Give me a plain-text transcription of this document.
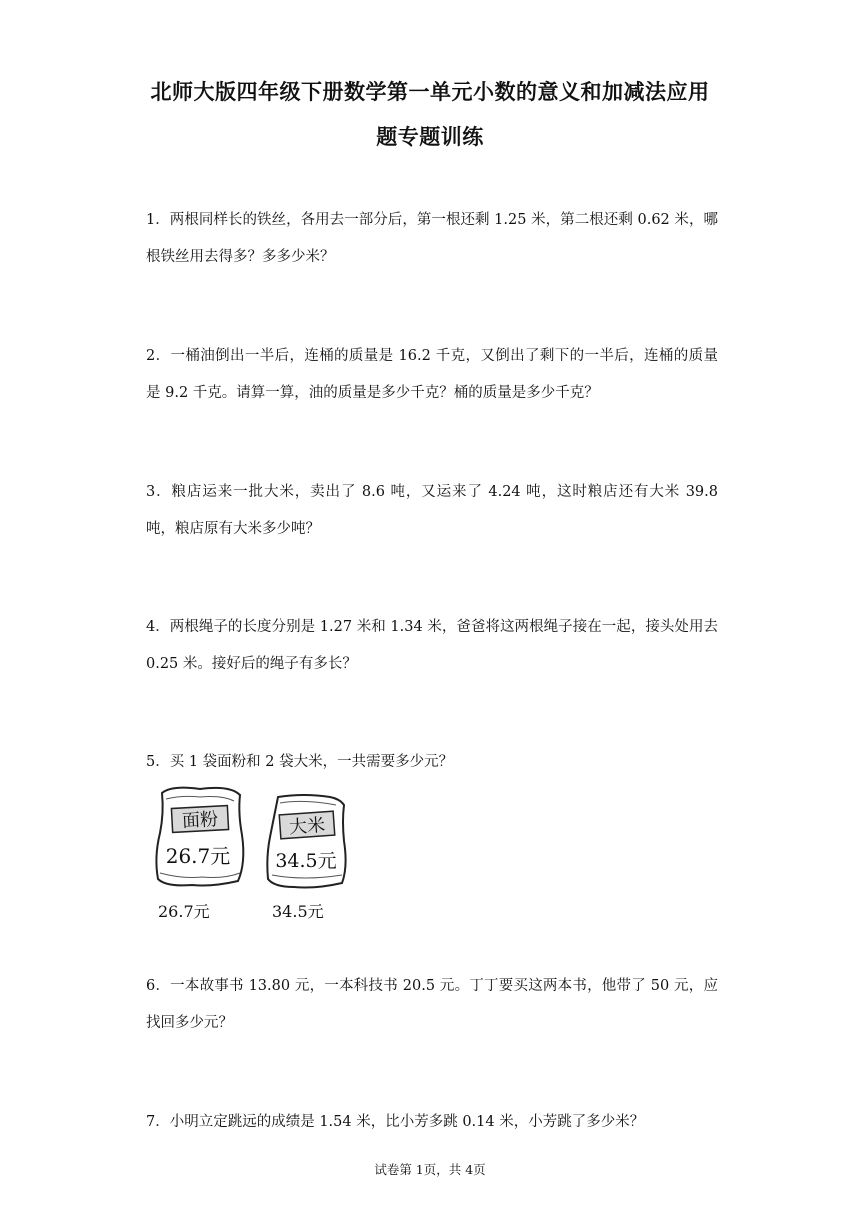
北师大版四年级下册数学第一单元小数的意义和加减法应用
题专题训练

1．两根同样长的铁丝，各用去一部分后，第一根还剩 1.25 米，第二根还剩 0.62 米，哪根铁丝用去得多？多多少米？

2．一桶油倒出一半后，连桶的质量是 16.2 千克，又倒出了剩下的一半后，连桶的质量是 9.2 千克。请算一算，油的质量是多少千克？桶的质量是多少千克？

3．粮店运来一批大米，卖出了 8.6 吨，又运来了 4.24 吨，这时粮店还有大米 39.8 吨，粮店原有大米多少吨？

4．两根绳子的长度分别是 1.27 米和 1.34 米，爸爸将这两根绳子接在一起，接头处用去 0.25 米。接好后的绳子有多长？

5．买 1 袋面粉和 2 袋大米，一共需要多少元？

面粉
26.7元
26.7元
大米
34.5元
34.5元

6．一本故事书 13.80 元，一本科技书 20.5 元。丁丁要买这两本书，他带了 50 元，应找回多少元？

7．小明立定跳远的成绩是 1.54 米，比小芳多跳 0.14 米，小芳跳了多少米？

试卷第 1页，共 4页
